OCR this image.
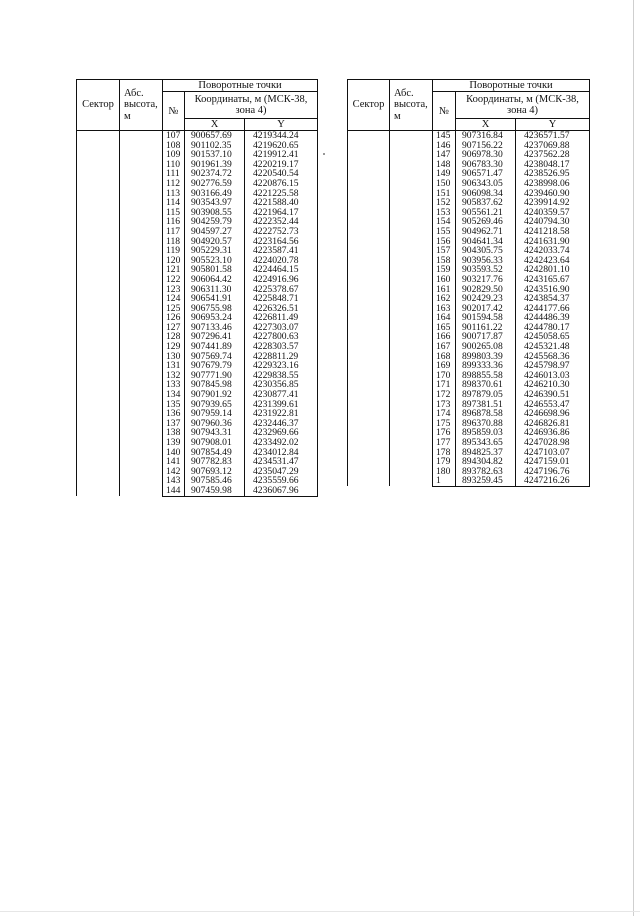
Сектор	Абс. высота, м	Поворотные точки		
		№	Координаты, м (МСК-38, зона 4)	
			X	Y
		107	900657.69	4219344.24
		108	901102.35	4219620.65
		109	901537.10	4219912.41
		110	901961.39	4220219.17
		111	902374.72	4220540.54
		112	902776.59	4220876.15
		113	903166.49	4221225.58
		114	903543.97	4221588.40
		115	903908.55	4221964.17
		116	904259.79	4222352.44
		117	904597.27	4222752.73
		118	904920.57	4223164.56
		119	905229.31	4223587.41
		120	905523.10	4224020.78
		121	905801.58	4224464.15
		122	906064.42	4224916.96
		123	906311.30	4225378.67
		124	906541.91	4225848.71
		125	906755.98	4226326.51
		126	906953.24	4226811.49
		127	907133.46	4227303.07
		128	907296.41	4227800.63
		129	907441.89	4228303.57
		130	907569.74	4228811.29
		131	907679.79	4229323.16
		132	907771.90	4229838.55
		133	907845.98	4230356.85
		134	907901.92	4230877.41
		135	907939.65	4231399.61
		136	907959.14	4231922.81
		137	907960.36	4232446.37
		138	907943.31	4232969.66
		139	907908.01	4233492.02
		140	907854.49	4234012.84
		141	907782.83	4234531.47
		142	907693.12	4235047.29
		143	907585.46	4235559.66
		144	907459.98	4236067.96
Сектор	Абс. высота, м	Поворотные точки		
		№	Координаты, м (МСК-38, зона 4)	
			X	Y
		145	907316.84	4236571.57
		146	907156.22	4237069.88
		147	906978.30	4237562.28
		148	906783.30	4238048.17
		149	906571.47	4238526.95
		150	906343.05	4238998.06
		151	906098.34	4239460.90
		152	905837.62	4239914.92
		153	905561.21	4240359.57
		154	905269.46	4240794.30
		155	904962.71	4241218.58
		156	904641.34	4241631.90
		157	904305.75	4242033.74
		158	903956.33	4242423.64
		159	903593.52	4242801.10
		160	903217.76	4243165.67
		161	902829.50	4243516.90
		162	902429.23	4243854.37
		163	902017.42	4244177.66
		164	901594.58	4244486.39
		165	901161.22	4244780.17
		166	900717.87	4245058.65
		167	900265.08	4245321.48
		168	899803.39	4245568.36
		169	899333.36	4245798.97
		170	898855.58	4246013.03
		171	898370.61	4246210.30
		172	897879.05	4246390.51
		173	897381.51	4246553.47
		174	896878.58	4246698.96
		175	896370.88	4246826.81
		176	895859.03	4246936.86
		177	895343.65	4247028.98
		178	894825.37	4247103.07
		179	894304.82	4247159.01
		180	893782.63	4247196.76
		1	893259.45	4247216.26
